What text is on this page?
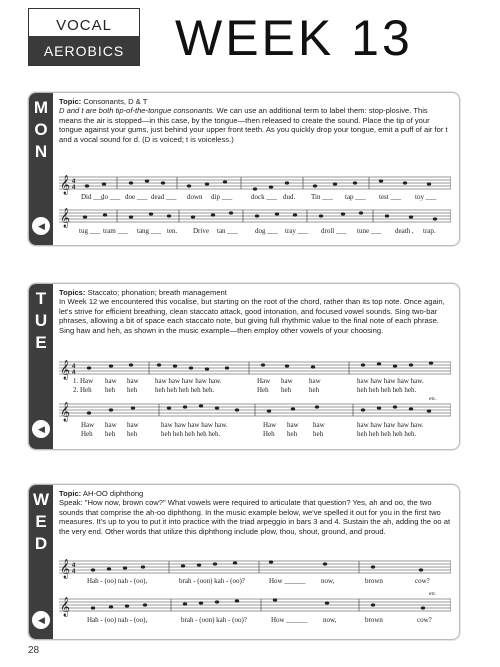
VOCAL
AEROBICS WEEK 13
M
O
N
◀
Topic: Consonants, D & T
D and t are both tip-of-the-tongue consonants. We can use an additional term to label them: stop-plosive. This means the air is stopped—in this case, by the tongue—then released to create the sound. Place the tip of your tongue against your gums, just behind your upper front teeth. As you quickly drop your tongue, emit a puff of air for t and a vocal sound for d. (D is voiced; t is voiceless.)
𝄞
𝄞
4
4
Did ___
do ___ doe ___ dead ___ down dip ___	dock ___ dud. Tin ___ tap ___ test ___ toy ___
tug ___ tram ___ tang ___ ten. Drive tan ___ dog ___ tray ___ droll ___ tune ___ death , trap.
T
U
E
◀
Topics: Staccato; phonation; breath management
In Week 12 we encountered this vocalise, but starting on the root of the chord, rather than its top note. Once again, let's strive for efficient breathing, clean staccato attack, good intonation, and focused vowel sounds. Sing two-bar phrases, allowing a bit of space each staccato note, but giving full rhythmic value to the final note of each phrase. Sing haw and heh, as shown in the music example—then employ other vowels of your choosing.
𝄞
𝄞
4
4
etc.
1. Haw haw haw haw haw haw haw haw.	Haw haw haw	haw haw haw haw haw.
2. Heh heh heh	heh heh heh heh heh.	Heh heh	heh	heh heh heh heh heh.
Haw haw haw	haw haw haw haw haw.	Haw haw haw	haw haw haw haw haw.
Heh heh heh	heh heh heh heh heh.	Heh heh heh	heh heh heh heh heh.
W
E
D
◀
Topic: AH-OO diphthong
Speak: "How now, brown cow?" What vowels were required to articulate that question? Yes, ah and oo, the two sounds that comprise the ah-oo diphthong. In the music example below, we've spelled it out for you in the first two measures. It's up to you to put it into practice with the triad arpeggio in bars 3 and 4. Sustain the ah, adding the oo at the very end. Other words that utilize this diphthong include plow, thou, shout, ground, and proud.
𝄞
𝄞
4
4
etc.
Hah - (oo) nah - (oo),	brah - (oon) kah - (oo)?	How ______ now,	brown	cow?
Hah - (oo) nah - (oo),	brah - (oon) kah - (oo)?	How ______ now,	brown	cow?
28
